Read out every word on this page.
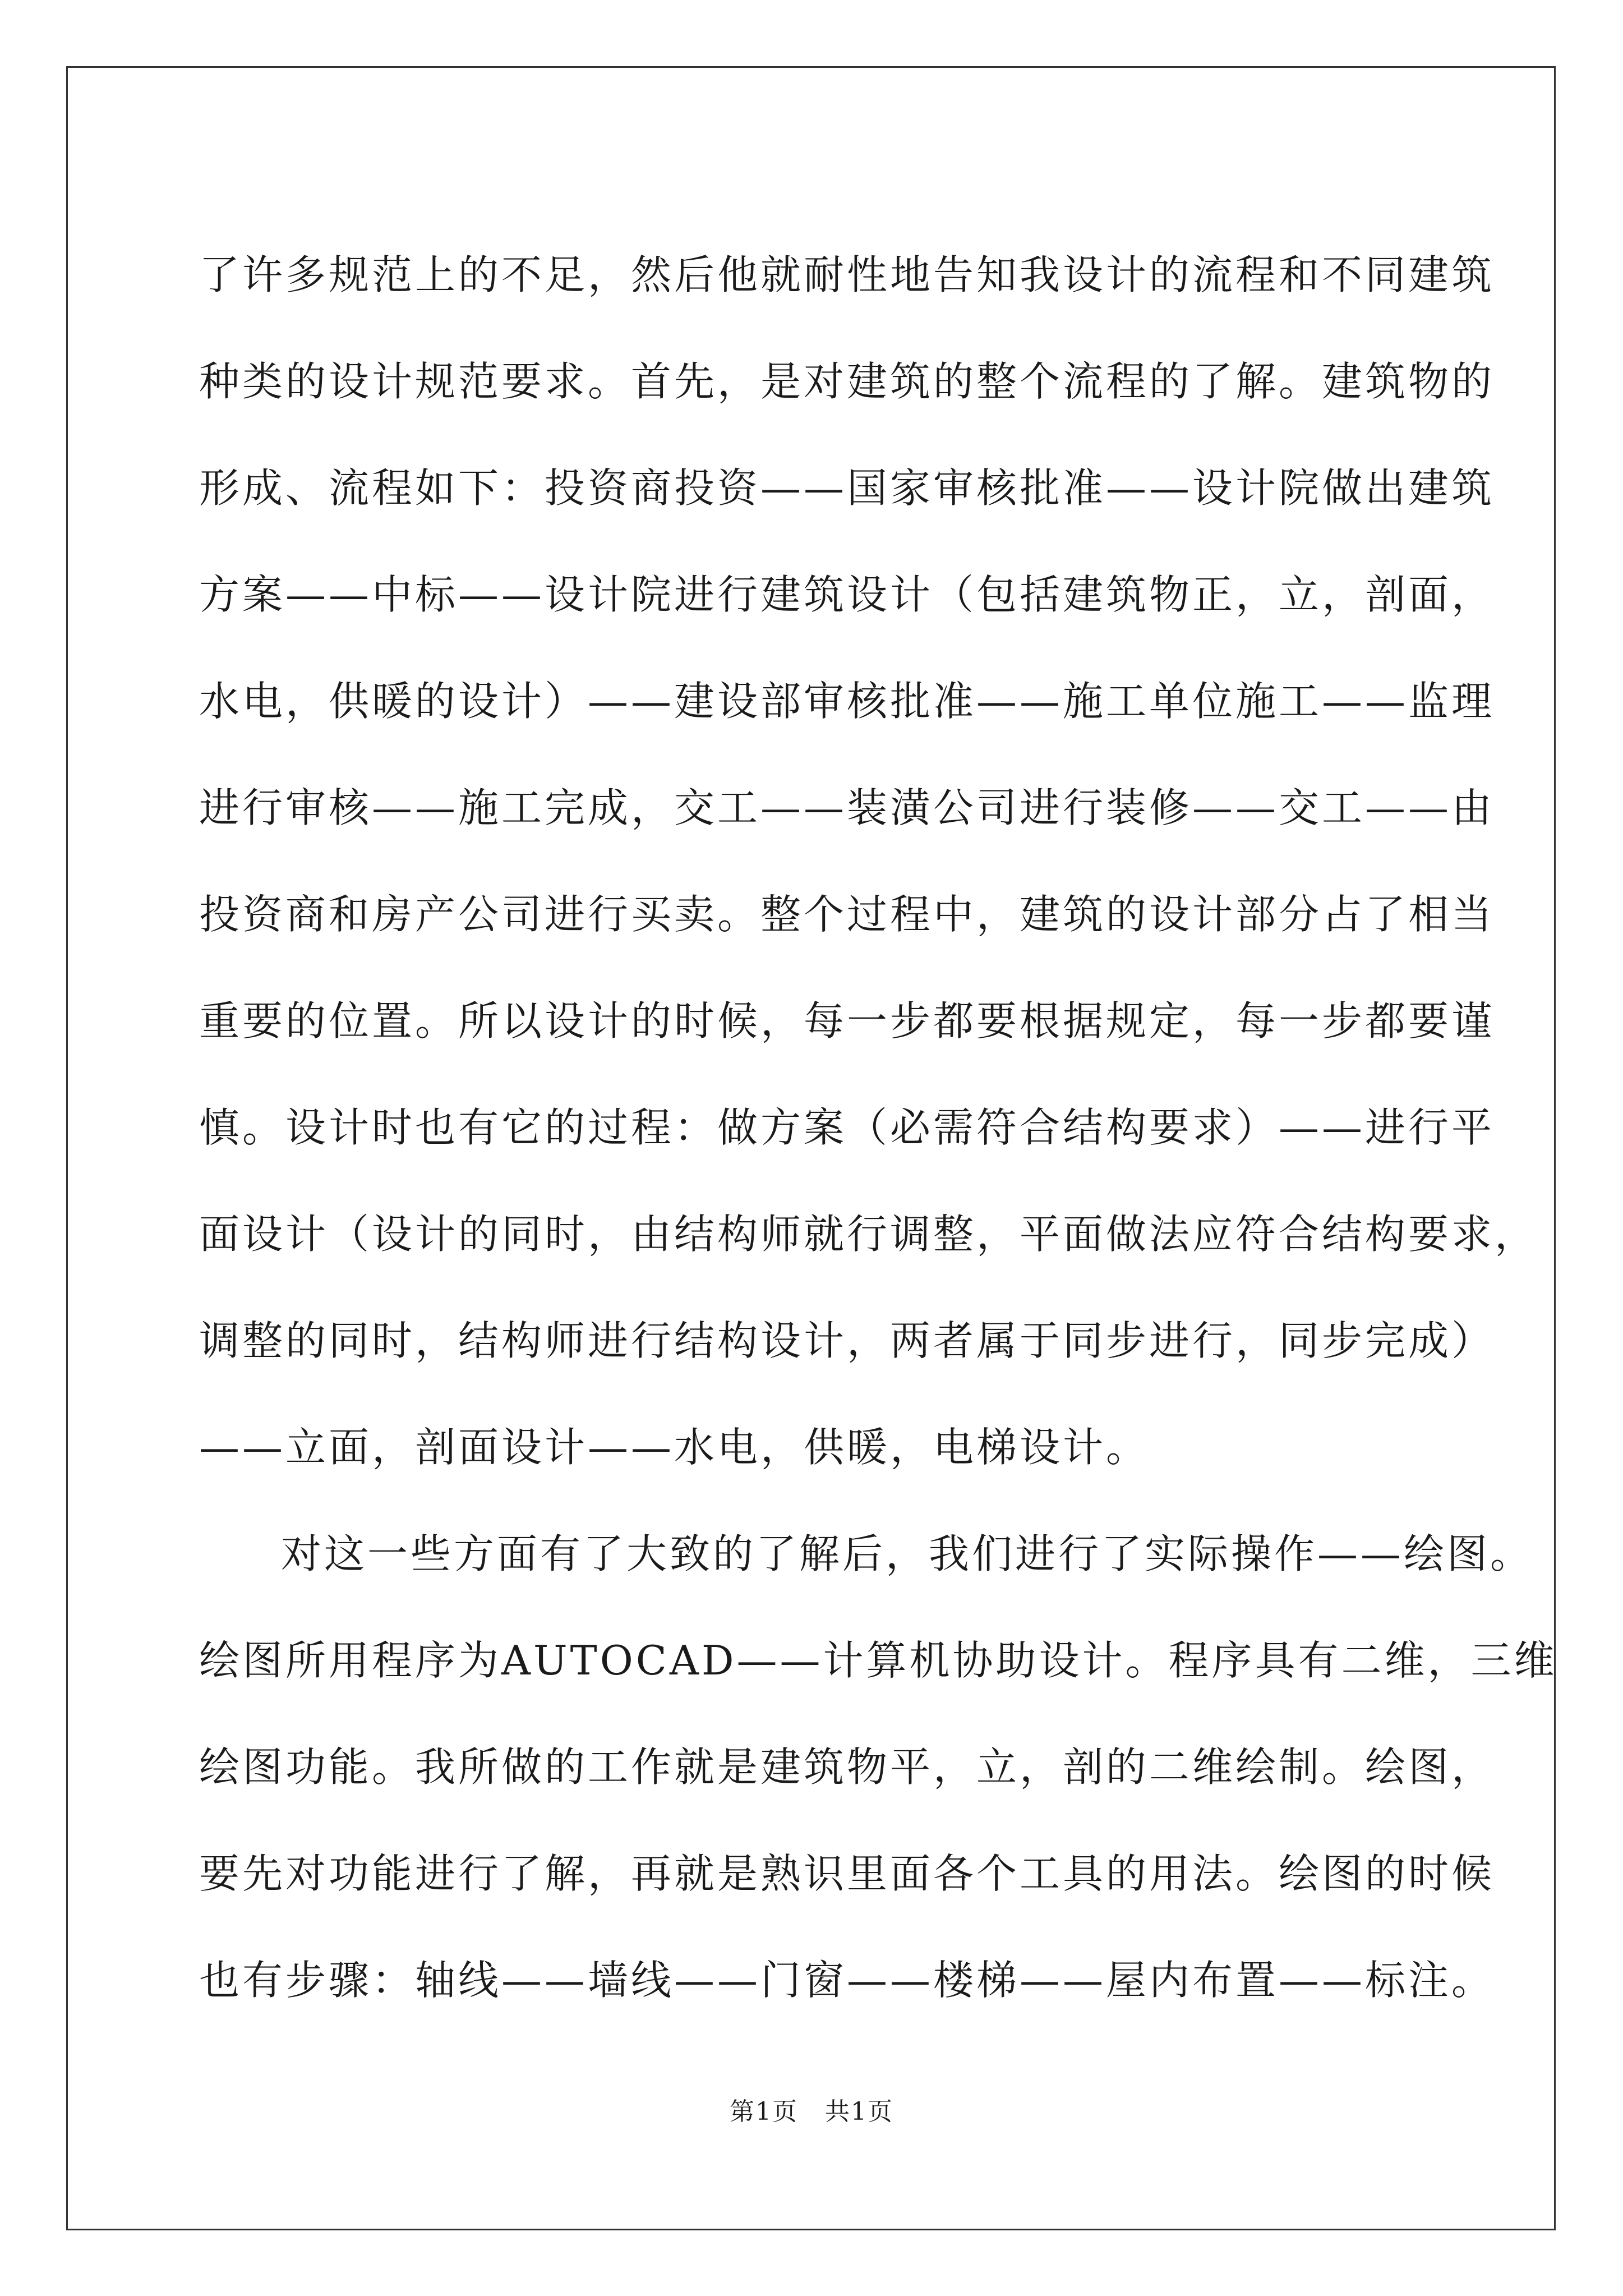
了许多规范上的不足，然后他就耐性地告知我设计的流程和不同建筑
种类的设计规范要求。首先，是对建筑的整个流程的了解。建筑物的
形成、流程如下：投资商投资——国家审核批准——设计院做出建筑
方案——中标——设计院进行建筑设计（包括建筑物正，立，剖面，
水电，供暖的设计）——建设部审核批准——施工单位施工——监理
进行审核——施工完成，交工——装潢公司进行装修——交工——由
投资商和房产公司进行买卖。整个过程中，建筑的设计部分占了相当
重要的位置。所以设计的时候，每一步都要根据规定，每一步都要谨
慎。设计时也有它的过程：做方案（必需符合结构要求）——进行平
面设计（设计的同时，由结构师就行调整，平面做法应符合结构要求，
调整的同时，结构师进行结构设计，两者属于同步进行，同步完成）
——立面，剖面设计——水电，供暖，电梯设计。

对这一些方面有了大致的了解后，我们进行了实际操作——绘图。
绘图所用程序为AUTOCAD——计算机协助设计。程序具有二维，三维
绘图功能。我所做的工作就是建筑物平，立，剖的二维绘制。绘图，
要先对功能进行了解，再就是熟识里面各个工具的用法。绘图的时候
也有步骤：轴线——墙线——门窗——楼梯——屋内布置——标注。

第1页 共1页
